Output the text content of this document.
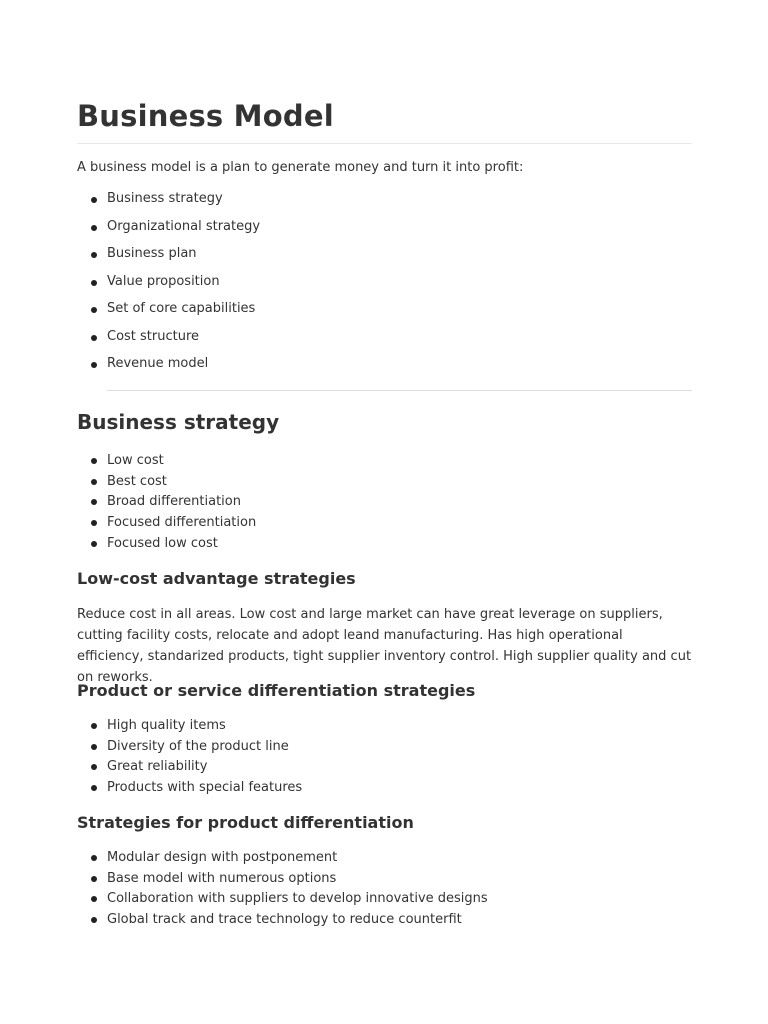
Business Model
A business model is a plan to generate money and turn it into profit:
Business strategy
Organizational strategy
Business plan
Value proposition
Set of core capabilities
Cost structure
Revenue model
Business strategy
Low cost
Best cost
Broad differentiation
Focused differentiation
Focused low cost
Low-cost advantage strategies

Reduce cost in all areas. Low cost and large market can have great leverage on suppliers, cutting facility costs, relocate and adopt leand manufacturing. Has high operational efficiency, standarized products, tight supplier inventory control. High supplier quality and cut on reworks.

Product or service differentiation strategies
High quality items
Diversity of the product line
Great reliability
Products with special features
Strategies for product differentiation
Modular design with postponement
Base model with numerous options
Collaboration with suppliers to develop innovative designs
Global track and trace technology to reduce counterfit
